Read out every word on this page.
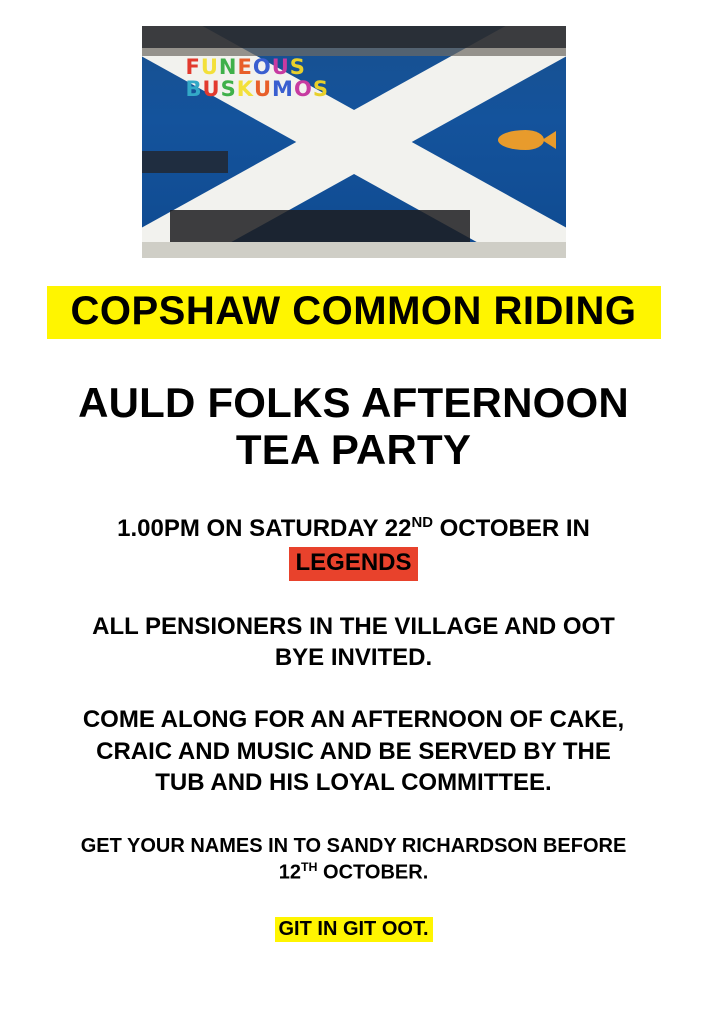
FUNEOUS
BUSKUMOS
COPSHAW COMMON RIDING
AULD FOLKS AFTERNOON
TEA PARTY
1.00PM ON SATURDAY 22ND OCTOBER IN
LEGENDS
ALL PENSIONERS IN THE VILLAGE AND OOT
BYE INVITED.
COME ALONG FOR AN AFTERNOON OF CAKE,
CRAIC AND MUSIC AND BE SERVED BY THE
TUB AND HIS LOYAL COMMITTEE.
GET YOUR NAMES IN TO SANDY RICHARDSON BEFORE
12TH OCTOBER.
GIT IN GIT OOT.
